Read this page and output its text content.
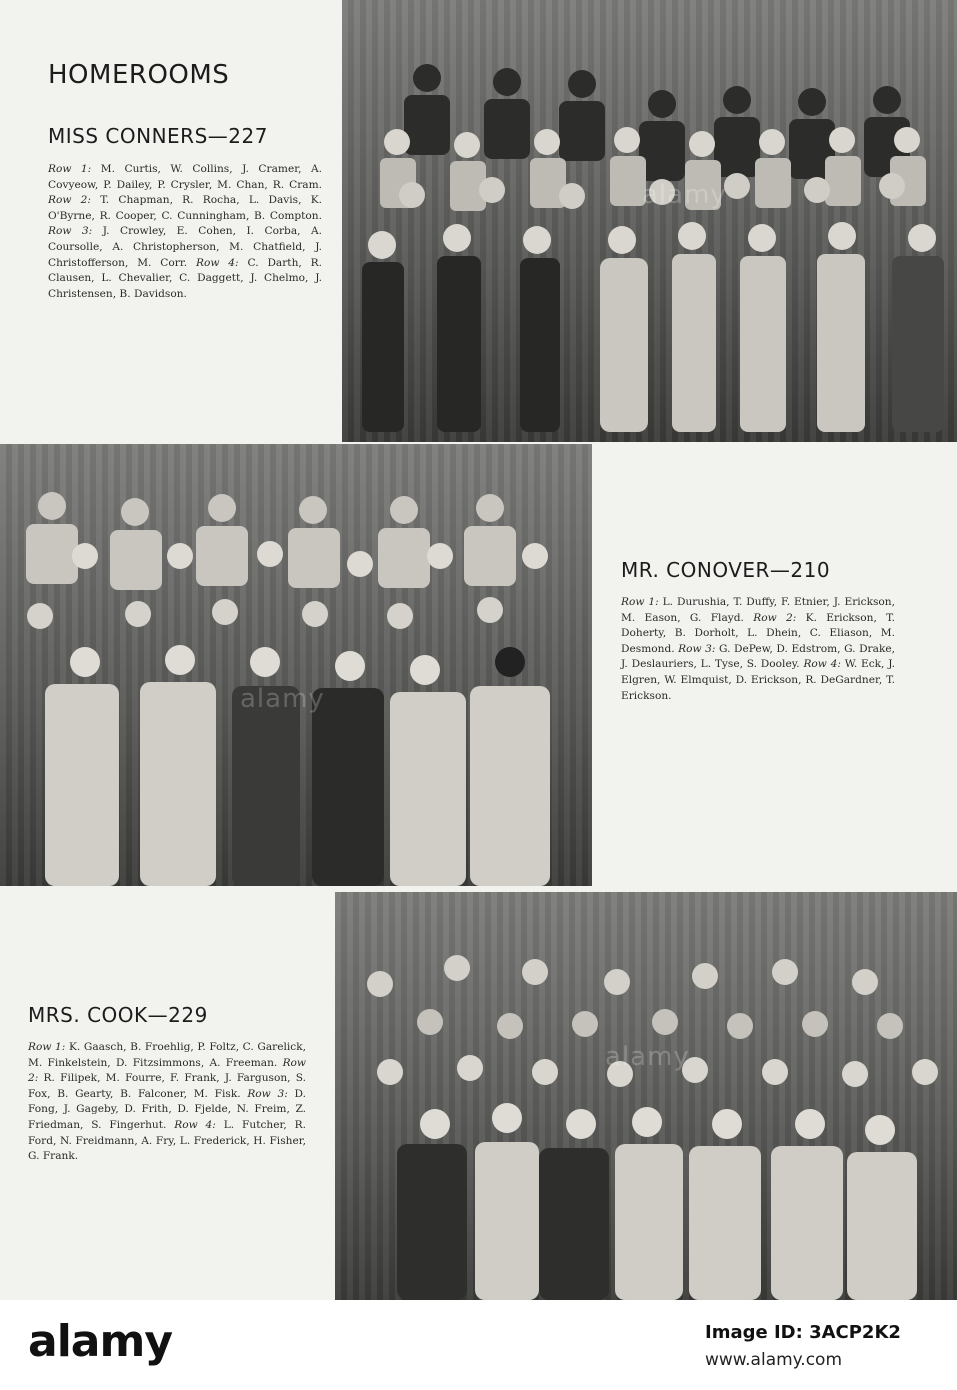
HOMEROOMS
MISS CONNERS—227

Row 1: M. Curtis, W. Collins, J. Cramer, A. Covyeow, P. Dailey, P. Crysler, M. Chan, R. Cram. Row 2: T. Chapman, R. Rocha, L. Davis, K. O'Byrne, R. Cooper, C. Cunningham, B. Compton. Row 3: J. Crowley, E. Cohen, I. Corba, A. Coursolle, A. Christopherson, M. Chatfield, J. Christofferson, M. Corr. Row 4: C. Darth, R. Clausen, L. Chevalier, C. Daggett, J. Chelmo, J. Christensen, B. Davidson.

alamy
alamy
MR. CONOVER—210

Row 1: L. Durushia, T. Duffy, F. Etnier, J. Erickson, M. Eason, G. Flayd. Row 2: K. Erickson, T. Doherty, B. Dorholt, L. Dhein, C. Eliason, M. Desmond. Row 3: G. DePew, D. Edstrom, G. Drake, J. Deslauriers, L. Tyse, S. Dooley. Row 4: W. Eck, J. Elgren, W. Elmquist, D. Erickson, R. DeGardner, T. Erickson.

MRS. COOK—229

Row 1: K. Gaasch, B. Froehlig, P. Foltz, C. Garelick, M. Finkelstein, D. Fitzsimmons, A. Freeman. Row 2: R. Filipek, M. Fourre, F. Frank, J. Farguson, S. Fox, B. Gearty, B. Falconer, M. Fisk. Row 3: D. Fong, J. Gageby, D. Frith, D. Fjelde, N. Freim, Z. Friedman, S. Fingerhut. Row 4: L. Futcher, R. Ford, N. Freidmann, A. Fry, L. Frederick, H. Fisher, G. Frank.

alamy
alamy	Image ID: 3ACP2K2
www.alamy.com
